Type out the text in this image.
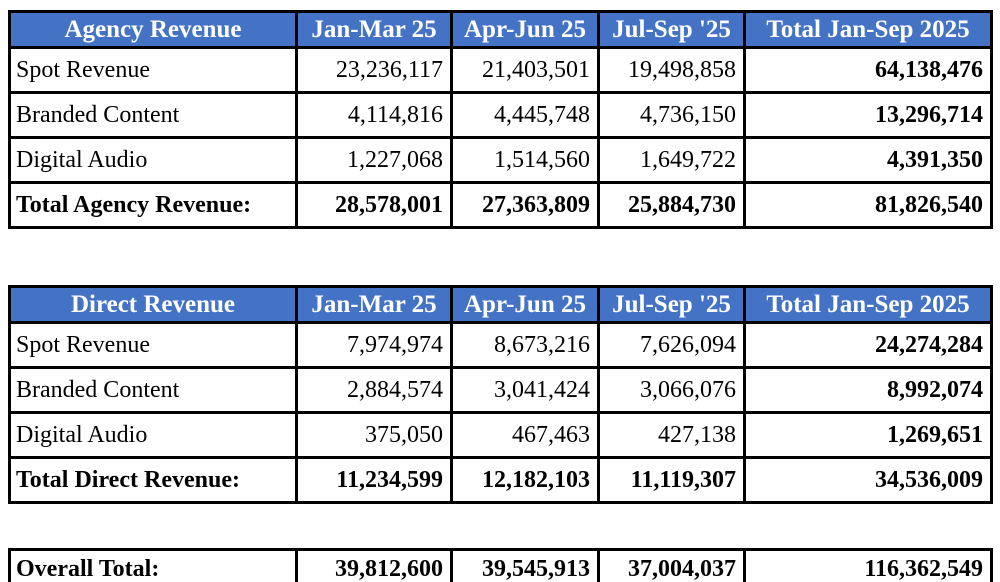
Agency Revenue	Jan-Mar 25	Apr-Jun 25	Jul-Sep '25	Total Jan-Sep 2025
Spot Revenue	23,236,117	21,403,501	19,498,858	64,138,476
Branded Content	4,114,816	4,445,748	4,736,150	13,296,714
Digital Audio	1,227,068	1,514,560	1,649,722	4,391,350
Total Agency Revenue:	28,578,001	27,363,809	25,884,730	81,826,540
Direct Revenue	Jan-Mar 25	Apr-Jun 25	Jul-Sep '25	Total Jan-Sep 2025
Spot Revenue	7,974,974	8,673,216	7,626,094	24,274,284
Branded Content	2,884,574	3,041,424	3,066,076	8,992,074
Digital Audio	375,050	467,463	427,138	1,269,651
Total Direct Revenue:	11,234,599	12,182,103	11,119,307	34,536,009
Overall Total:	39,812,600	39,545,913	37,004,037	116,362,549
